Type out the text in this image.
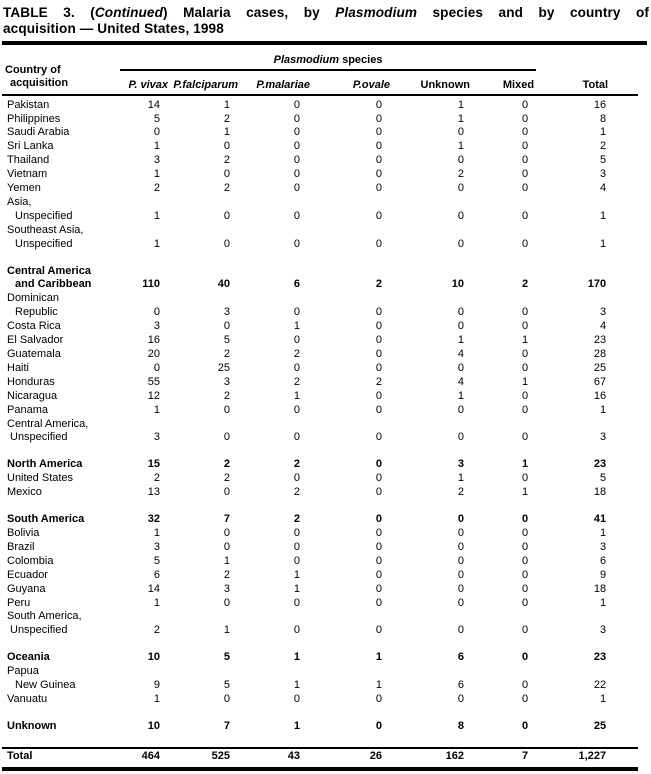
TABLE 3. (Continued) Malaria cases, by Plasmodium species and by country of
acquisition — United States, 1998
Country of
acquisition	Plasmodium species						
	P. vivax	P.falciparum	P.malariae	P.ovale	Unknown	Mixed	Total

Pakistan	14	1	0	0	1	0	16

Philippines	5	2	0	0	1	0	8

Saudi Arabia	0	1	0	0	0	0	1

Sri Lanka	1	0	0	0	1	0	2

Thailand	3	2	0	0	0	0	5

Vietnam	1	0	0	0	2	0	3

Yemen	2	2	0	0	0	0	4

Asia,
Unspecified	1	0	0	0	0	0	1

Southeast Asia,
Unspecified	1	0	0	0	0	0	1

Central America
and Caribbean	110	40	6	2	10	2	170

Dominican
Republic	0	3	0	0	0	0	3

Costa Rica	3	0	1	0	0	0	4

El Salvador	16	5	0	0	1	1	23

Guatemala	20	2	2	0	4	0	28

Haiti	0	25	0	0	0	0	25

Honduras	55	3	2	2	4	1	67

Nicaragua	12	2	1	0	1	0	16

Panama	1	0	0	0	0	0	1

Central America,
Unspecified	3	0	0	0	0	0	3

North America	15	2	2	0	3	1	23

United States	2	2	0	0	1	0	5

Mexico	13	0	2	0	2	1	18

South America	32	7	2	0	0	0	41

Bolivia	1	0	0	0	0	0	1

Brazil	3	0	0	0	0	0	3

Colombia	5	1	0	0	0	0	6

Ecuador	6	2	1	0	0	0	9

Guyana	14	3	1	0	0	0	18

Peru	1	0	0	0	0	0	1

South America,
Unspecified	2	1	0	0	0	0	3

Oceania	10	5	1	1	6	0	23

Papua
New Guinea	9	5	1	1	6	0	22

Vanuatu	1	0	0	0	0	0	1

Unknown	10	7	1	0	8	0	25

Total	464	525	43	26	162	7	1,227
